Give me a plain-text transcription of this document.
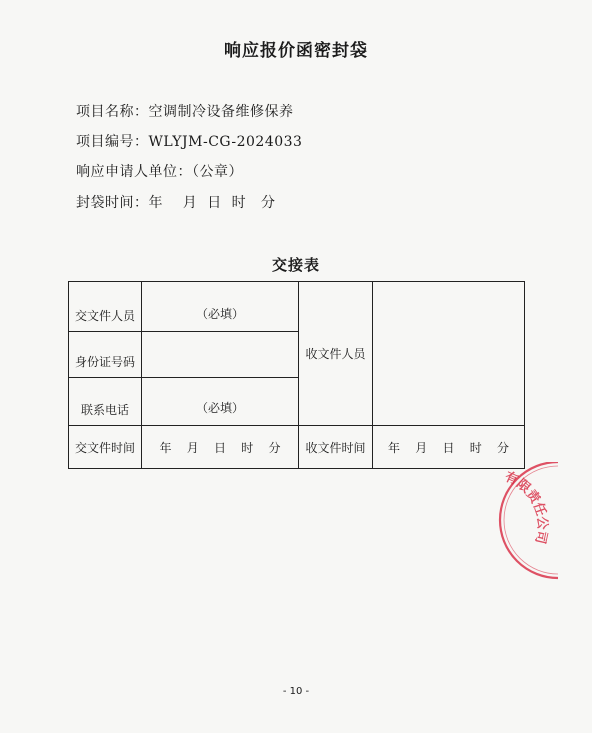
响应报价函密封袋
项目名称：空调制冷设备维修保养
项目编号：WLYJM-CG-2024033
响应申请人单位：（公章）
封袋时间：年    月  日  时   分
交接表
交文件人员	（必填）	收文件人员	
身份证号码			
联系电话	（必填）		
交文件时间	年    月    日    时    分	收文件时间	年    月    日    时    分
有限责任公司
- 10 -
